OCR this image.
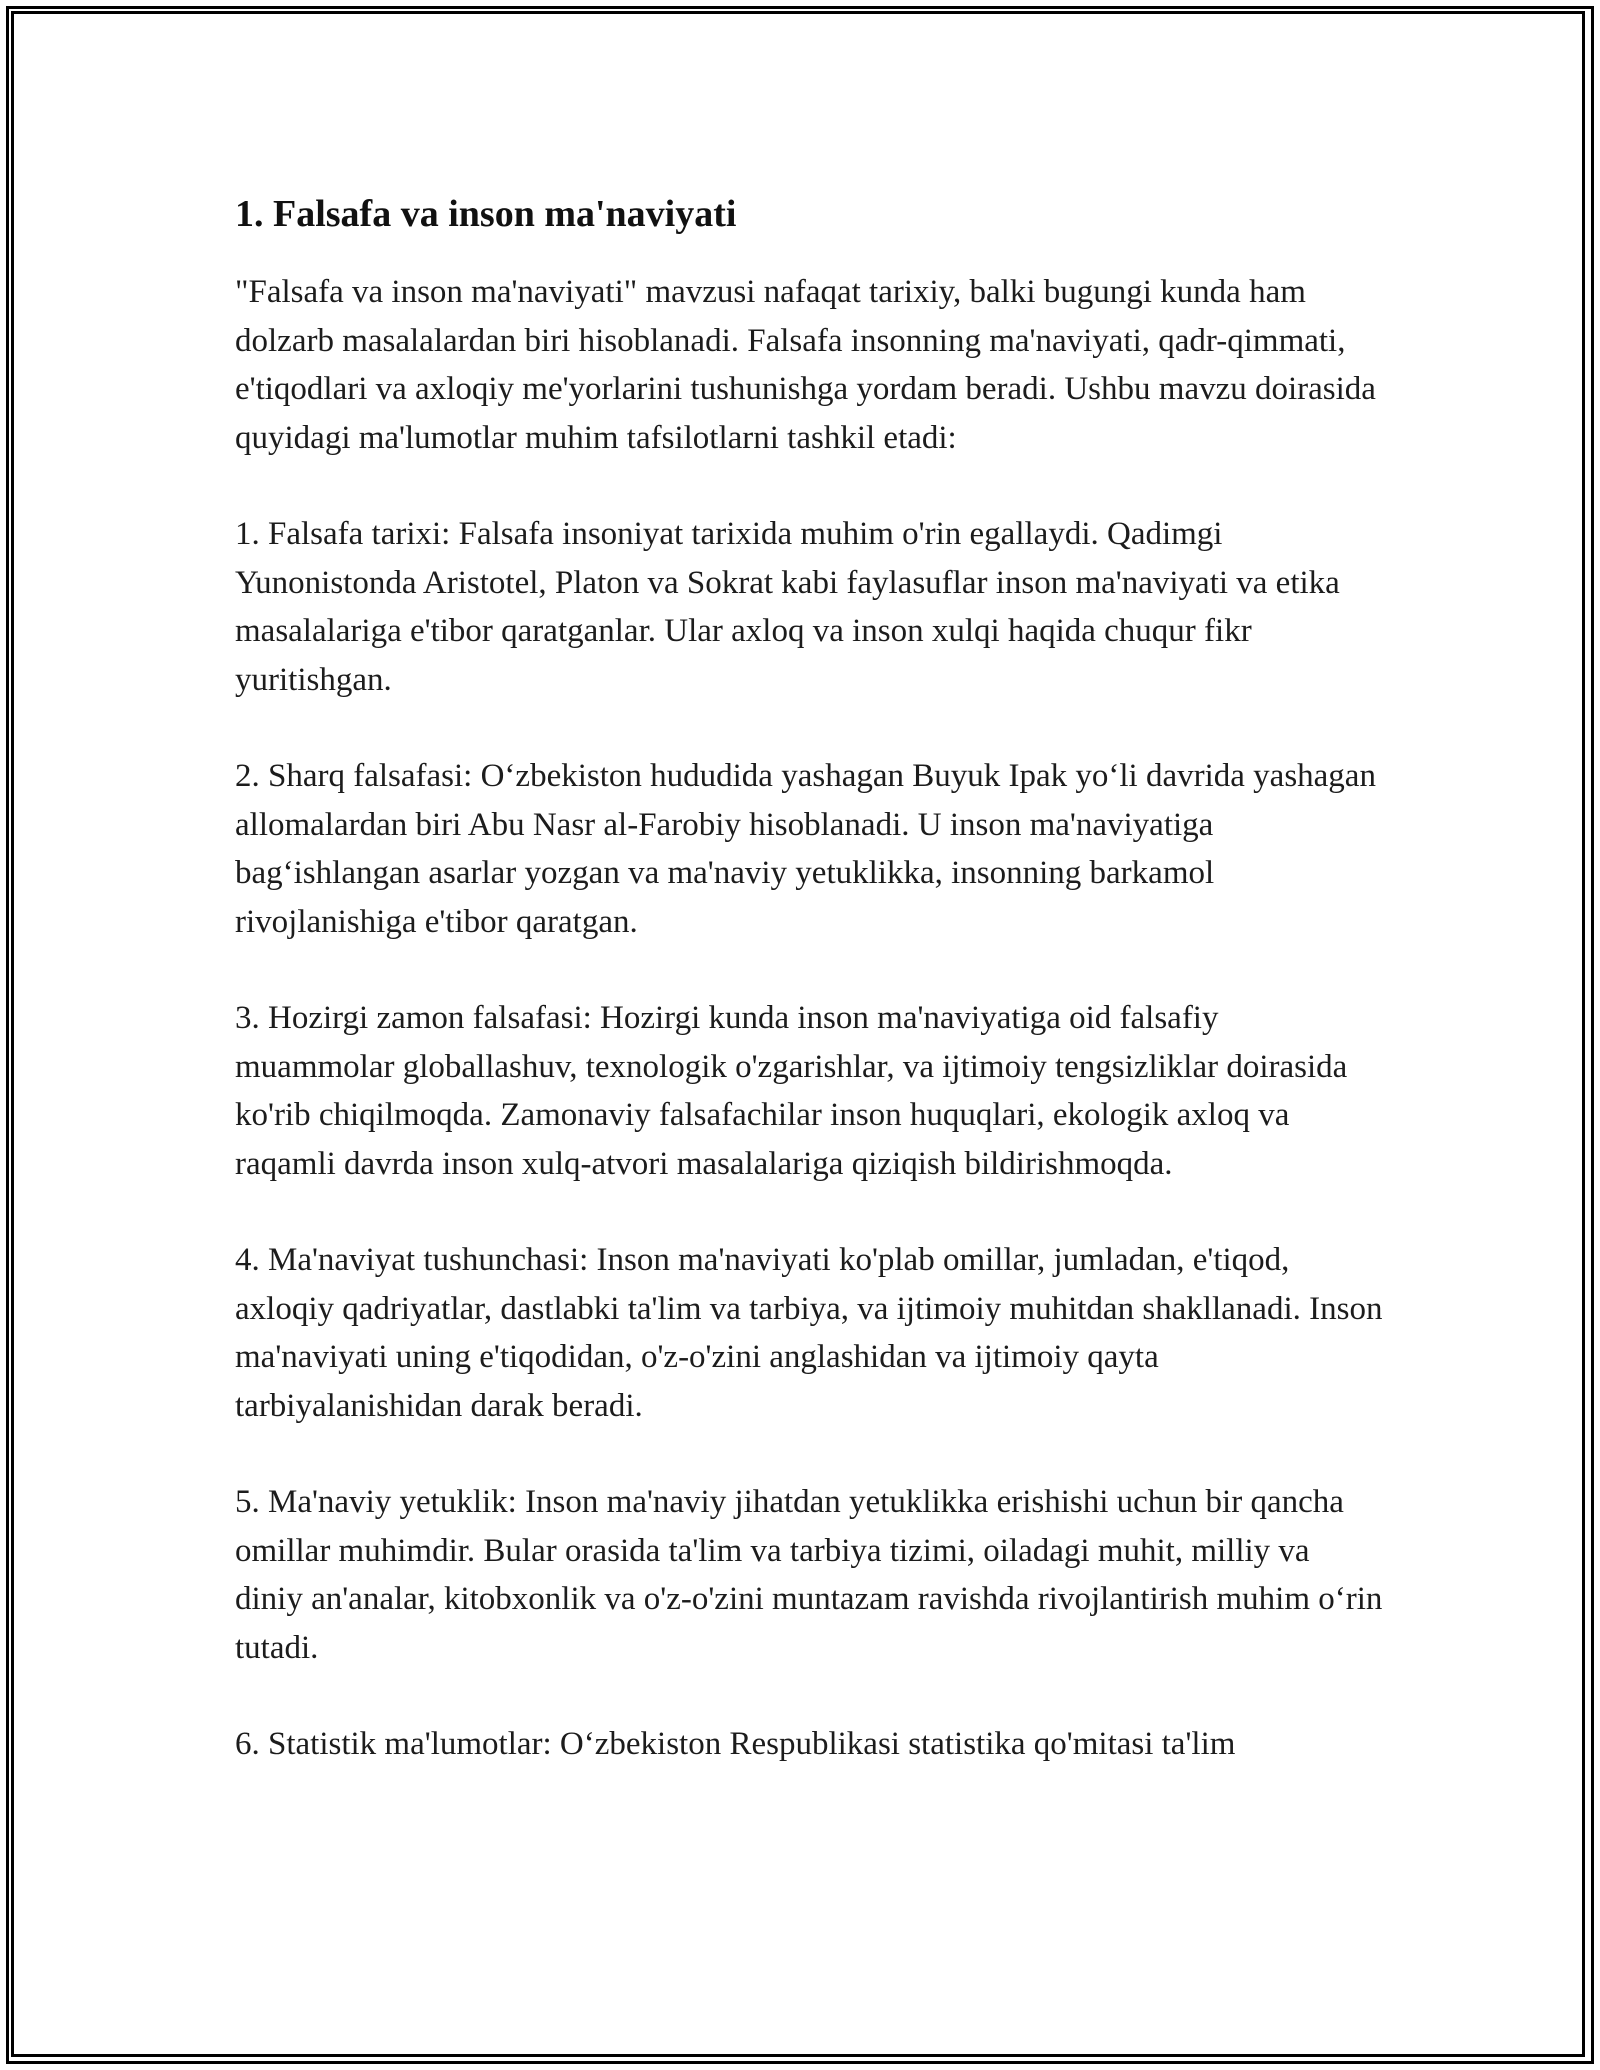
1. Falsafa va inson ma'naviyati

"Falsafa va inson ma'naviyati" mavzusi nafaqat tarixiy, balki bugungi kunda ham dolzarb masalalardan biri hisoblanadi. Falsafa insonning ma'naviyati, qadr-qimmati, e'tiqodlari va axloqiy me'yorlarini tushunishga yordam beradi. Ushbu mavzu doirasida quyidagi ma'lumotlar muhim tafsilotlarni tashkil etadi:

1. Falsafa tarixi: Falsafa insoniyat tarixida muhim o'rin egallaydi. Qadimgi Yunonistonda Aristotel, Platon va Sokrat kabi faylasuflar inson ma'naviyati va etika masalalariga e'tibor qaratganlar. Ular axloq va inson xulqi haqida chuqur fikr yuritishgan.

2. Sharq falsafasi: O‘zbekiston hududida yashagan Buyuk Ipak yo‘li davrida yashagan allomalardan biri Abu Nasr al-Farobiy hisoblanadi. U inson ma'naviyatiga bag‘ishlangan asarlar yozgan va ma'naviy yetuklikka, insonning barkamol rivojlanishiga e'tibor qaratgan.

3. Hozirgi zamon falsafasi: Hozirgi kunda inson ma'naviyatiga oid falsafiy muammolar globallashuv, texnologik o'zgarishlar, va ijtimoiy tengsizliklar doirasida ko'rib chiqilmoqda. Zamonaviy falsafachilar inson huquqlari, ekologik axloq va raqamli davrda inson xulq-atvori masalalariga qiziqish bildirishmoqda.

4. Ma'naviyat tushunchasi: Inson ma'naviyati ko'plab omillar, jumladan, e'tiqod, axloqiy qadriyatlar, dastlabki ta'lim va tarbiya, va ijtimoiy muhitdan shakllanadi. Inson ma'naviyati uning e'tiqodidan, o'z-o'zini anglashidan va ijtimoiy qayta tarbiyalanishidan darak beradi.

5. Ma'naviy yetuklik: Inson ma'naviy jihatdan yetuklikka erishishi uchun bir qancha omillar muhimdir. Bular orasida ta'lim va tarbiya tizimi, oiladagi muhit, milliy va diniy an'analar, kitobxonlik va o'z-o'zini muntazam ravishda rivojlantirish muhim o‘rin tutadi.

6. Statistik ma'lumotlar: O‘zbekiston Respublikasi statistika qo'mitasi ta'lim
